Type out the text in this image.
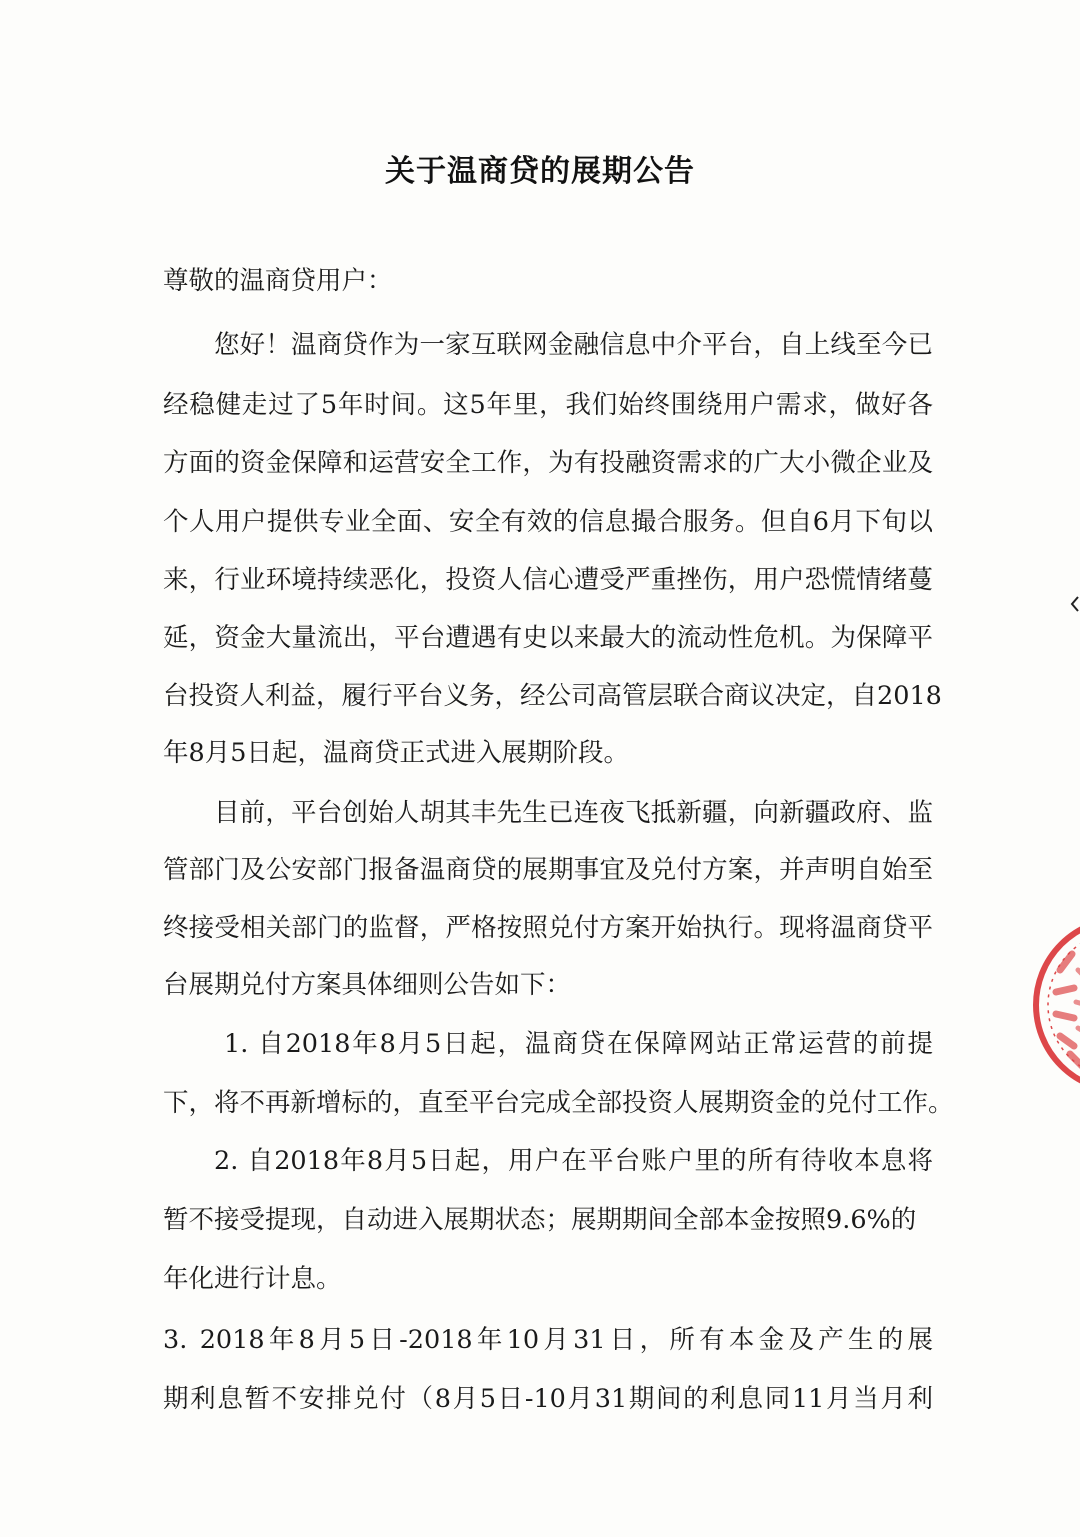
关于温商贷的展期公告
尊敬的温商贷用户：
您好！温商贷作为一家互联网金融信息中介平台，自上线至今已
经稳健走过了5年时间。这5年里，我们始终围绕用户需求，做好各
方面的资金保障和运营安全工作，为有投融资需求的广大小微企业及
个人用户提供专业全面、安全有效的信息撮合服务。但自6月下旬以
来，行业环境持续恶化，投资人信心遭受严重挫伤，用户恐慌情绪蔓
延，资金大量流出，平台遭遇有史以来最大的流动性危机。为保障平
台投资人利益，履行平台义务，经公司高管层联合商议决定，自2018
年8月5日起，温商贷正式进入展期阶段。
目前，平台创始人胡其丰先生已连夜飞抵新疆，向新疆政府、监
管部门及公安部门报备温商贷的展期事宜及兑付方案，并声明自始至
终接受相关部门的监督，严格按照兑付方案开始执行。现将温商贷平
台展期兑付方案具体细则公告如下：
1. 自2018年8月5日起，温商贷在保障网站正常运营的前提
下，将不再新增标的，直至平台完成全部投资人展期资金的兑付工作。
2. 自2018年8月5日起，用户在平台账户里的所有待收本息将
暂不接受提现，自动进入展期状态；展期期间全部本金按照9.6%的
年化进行计息。
3. 2018年8月5日-2018年10月31日，所有本金及产生的展
期利息暂不安排兑付（8月5日-10月31期间的利息同11月当月利
